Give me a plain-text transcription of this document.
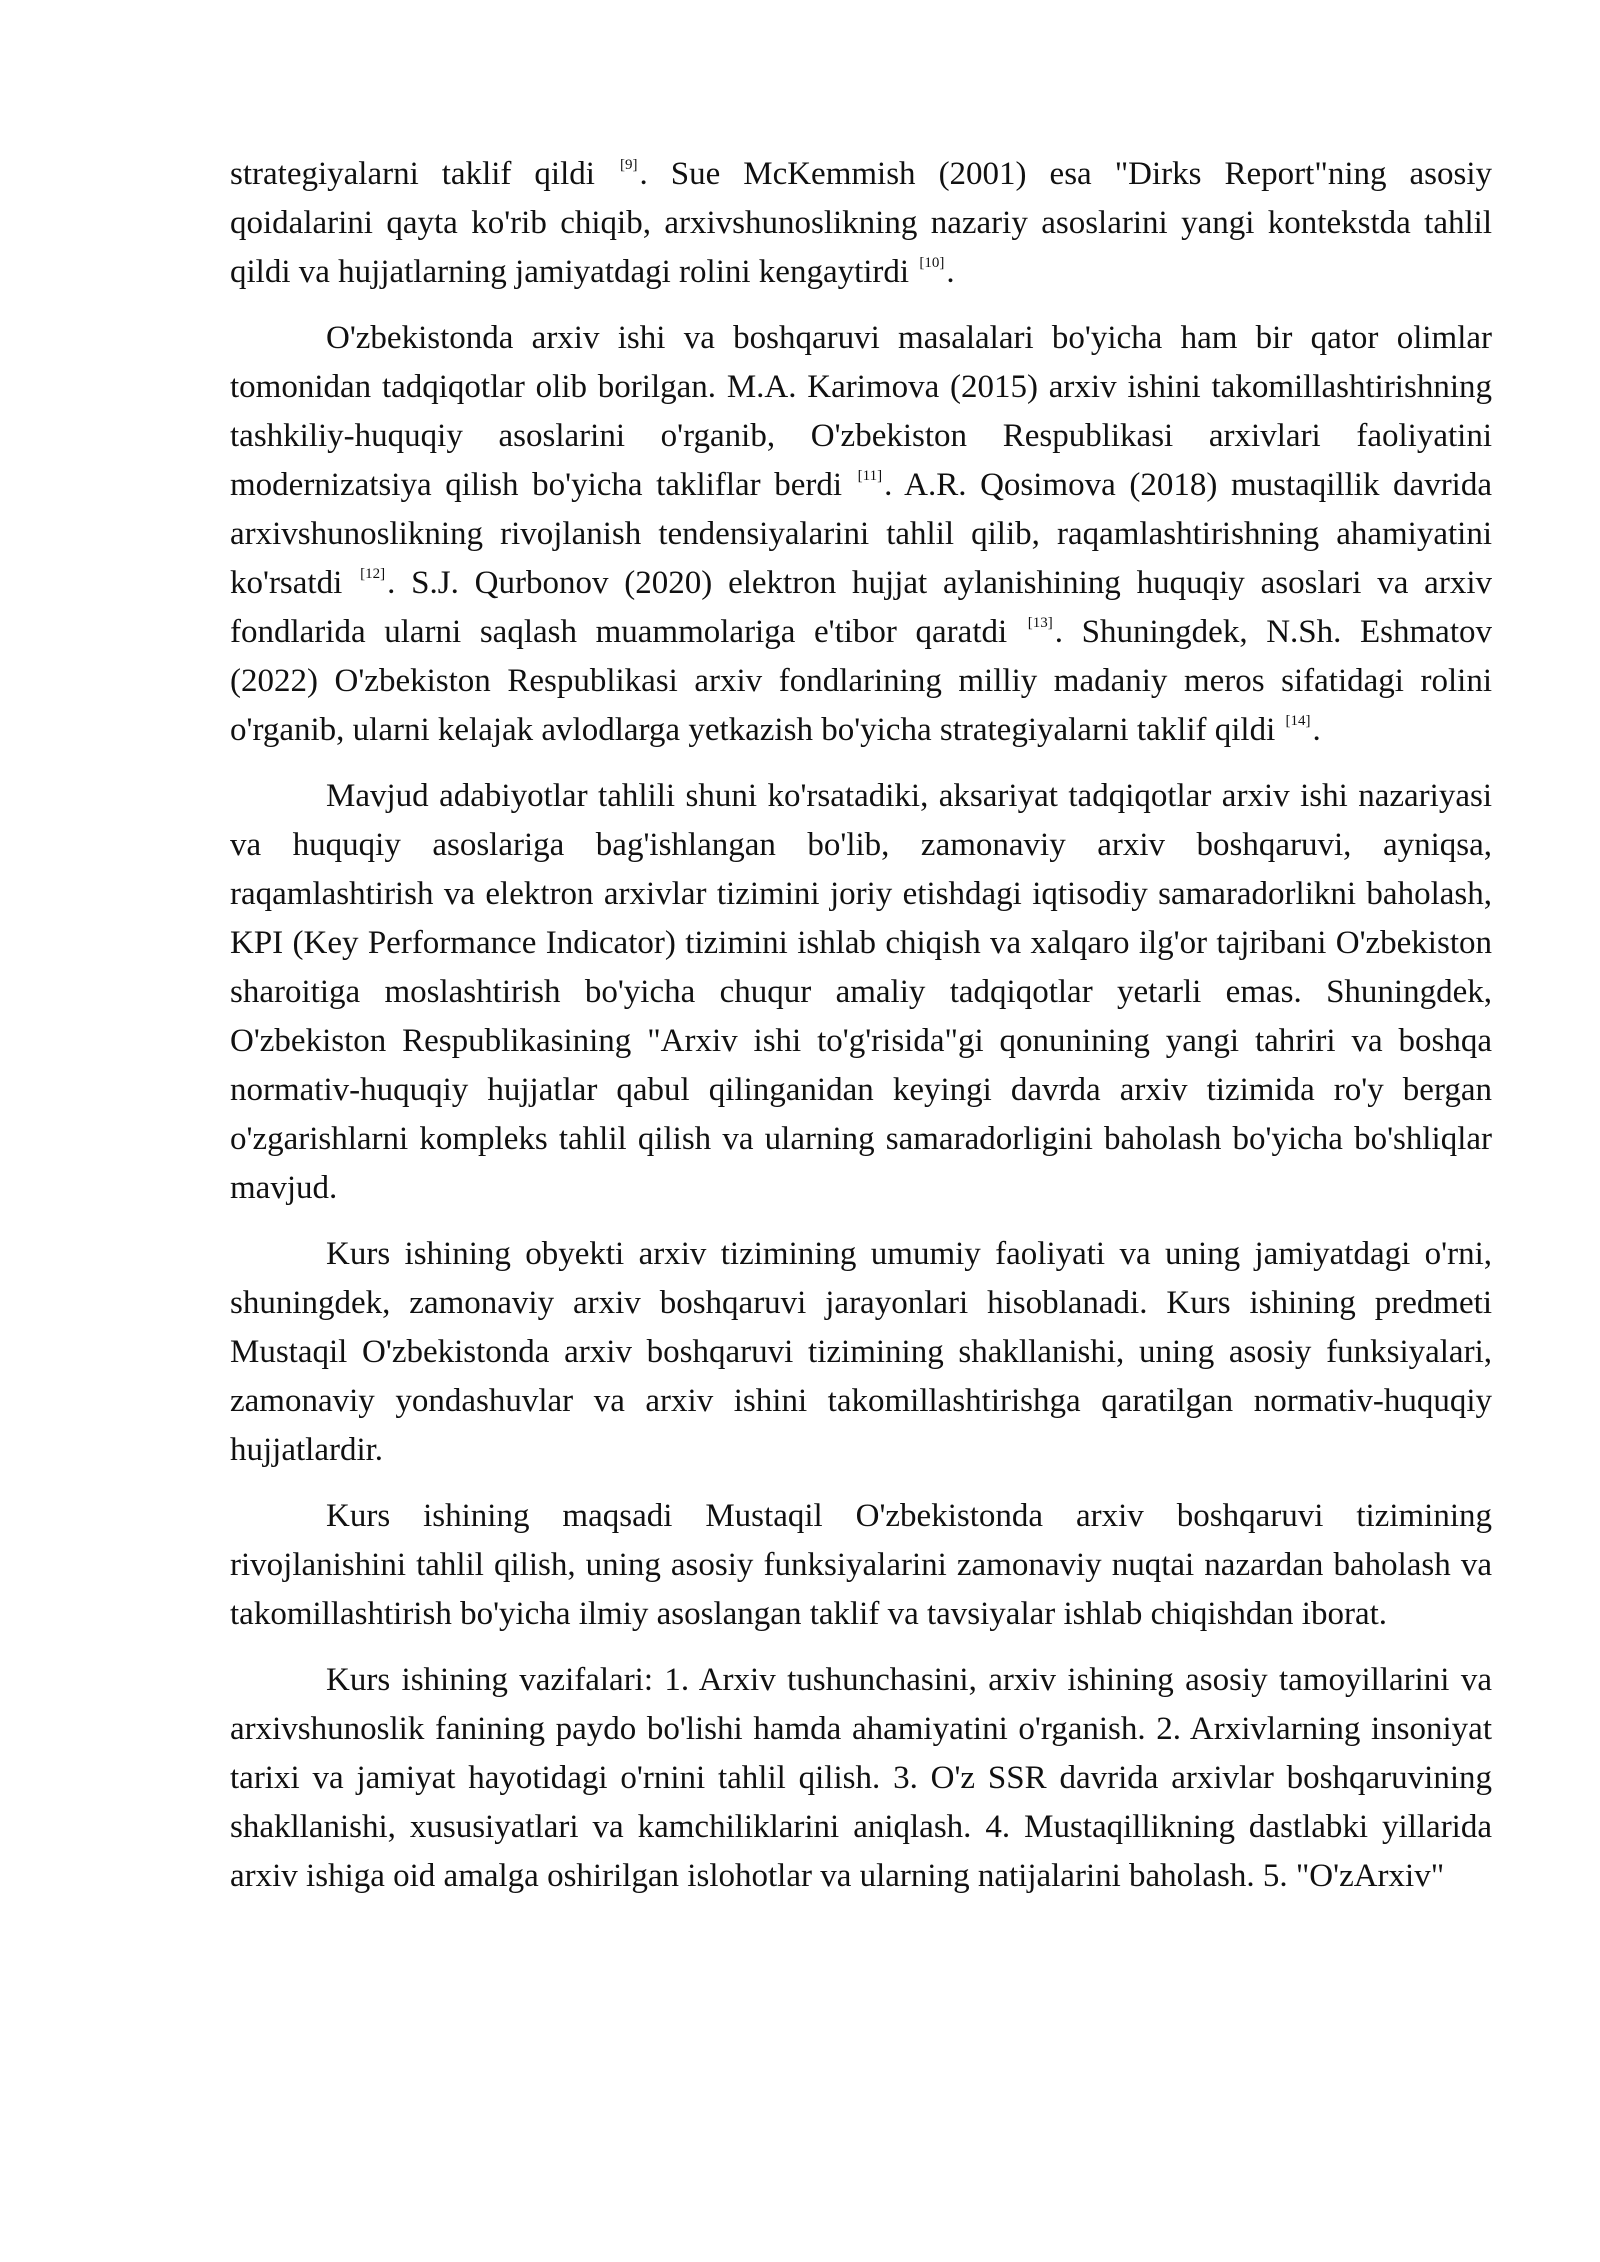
strategiyalarni taklif qildi [9]. Sue McKemmish (2001) esa "Dirks Report"ning asosiy qoidalarini qayta ko'rib chiqib, arxivshunoslikning nazariy asoslarini yangi kontekstda tahlil qildi va hujjatlarning jamiyatdagi rolini kengaytirdi [10].

O'zbekistonda arxiv ishi va boshqaruvi masalalari bo'yicha ham bir qator olimlar tomonidan tadqiqotlar olib borilgan. M.A. Karimova (2015) arxiv ishini takomillashtirishning tashkiliy-huquqiy asoslarini o'rganib, O'zbekiston Respublikasi arxivlari faoliyatini modernizatsiya qilish bo'yicha takliflar berdi [11]. A.R. Qosimova (2018) mustaqillik davrida arxivshunoslikning rivojlanish tendensiyalarini tahlil qilib, raqamlashtirishning ahamiyatini ko'rsatdi [12]. S.J. Qurbonov (2020) elektron hujjat aylanishining huquqiy asoslari va arxiv fondlarida ularni saqlash muammolariga e'tibor qaratdi [13]. Shuningdek, N.Sh. Eshmatov (2022) O'zbekiston Respublikasi arxiv fondlarining milliy madaniy meros sifatidagi rolini o'rganib, ularni kelajak avlodlarga yetkazish bo'yicha strategiyalarni taklif qildi [14].

Mavjud adabiyotlar tahlili shuni ko'rsatadiki, aksariyat tadqiqotlar arxiv ishi nazariyasi va huquqiy asoslariga bag'ishlangan bo'lib, zamonaviy arxiv boshqaruvi, ayniqsa, raqamlashtirish va elektron arxivlar tizimini joriy etishdagi iqtisodiy samaradorlikni baholash, KPI (Key Performance Indicator) tizimini ishlab chiqish va xalqaro ilg'or tajribani O'zbekiston sharoitiga moslashtirish bo'yicha chuqur amaliy tadqiqotlar yetarli emas. Shuningdek, O'zbekiston Respublikasining "Arxiv ishi to'g'risida"gi qonunining yangi tahriri va boshqa normativ-huquqiy hujjatlar qabul qilinganidan keyingi davrda arxiv tizimida ro'y bergan o'zgarishlarni kompleks tahlil qilish va ularning samaradorligini baholash bo'yicha bo'shliqlar mavjud.

Kurs ishining obyekti arxiv tizimining umumiy faoliyati va uning jamiyatdagi o'rni, shuningdek, zamonaviy arxiv boshqaruvi jarayonlari hisoblanadi. Kurs ishining predmeti Mustaqil O'zbekistonda arxiv boshqaruvi tizimining shakllanishi, uning asosiy funksiyalari, zamonaviy yondashuvlar va arxiv ishini takomillashtirishga qaratilgan normativ-huquqiy hujjatlardir.

Kurs ishining maqsadi Mustaqil O'zbekistonda arxiv boshqaruvi tizimining rivojlanishini tahlil qilish, uning asosiy funksiyalarini zamonaviy nuqtai nazardan baholash va takomillashtirish bo'yicha ilmiy asoslangan taklif va tavsiyalar ishlab chiqishdan iborat.

Kurs ishining vazifalari: 1. Arxiv tushunchasini, arxiv ishining asosiy tamoyillarini va arxivshunoslik fanining paydo bo'lishi hamda ahamiyatini o'rganish. 2. Arxivlarning insoniyat tarixi va jamiyat hayotidagi o'rnini tahlil qilish. 3. O'z SSR davrida arxivlar boshqaruvining shakllanishi, xususiyatlari va kamchiliklarini aniqlash. 4. Mustaqillikning dastlabki yillarida arxiv ishiga oid amalga oshirilgan islohotlar va ularning natijalarini baholash. 5. "O'zArxiv"
